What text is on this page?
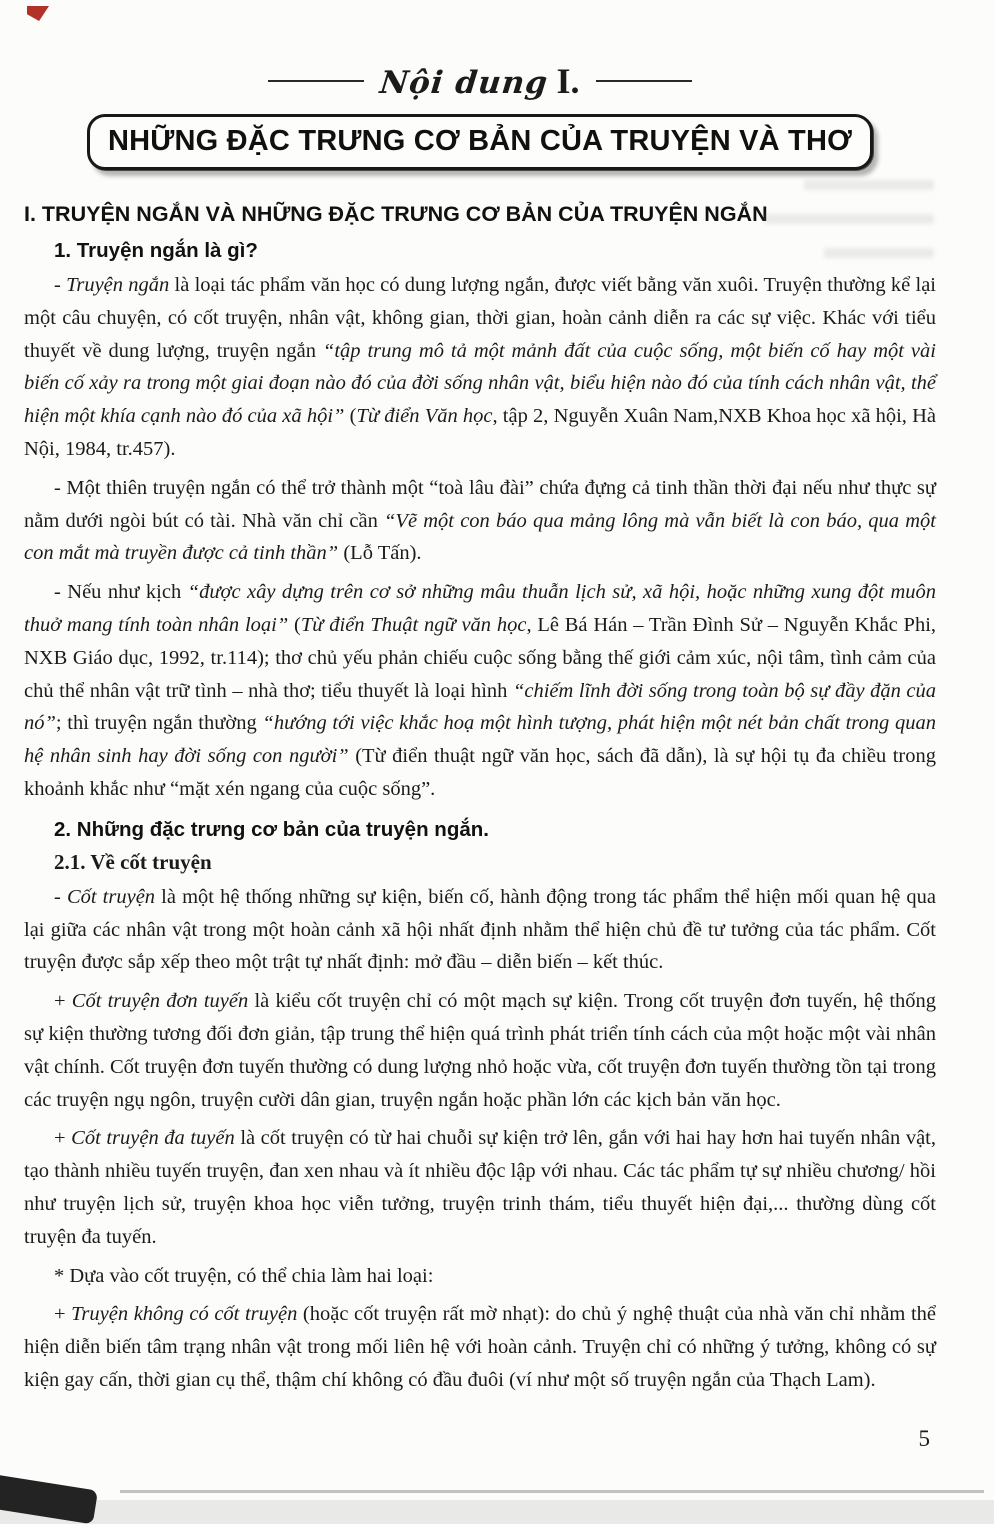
Nội dung I.
NHỮNG ĐẶC TRƯNG CƠ BẢN CỦA TRUYỆN VÀ THƠ
I. TRUYỆN NGẮN VÀ NHỮNG ĐẶC TRƯNG CƠ BẢN CỦA TRUYỆN NGẮN
1. Truyện ngắn là gì?

- Truyện ngắn là loại tác phẩm văn học có dung lượng ngắn, được viết bằng văn xuôi. Truyện thường kể lại một câu chuyện, có cốt truyện, nhân vật, không gian, thời gian, hoàn cảnh diễn ra các sự việc. Khác với tiểu thuyết về dung lượng, truyện ngắn “tập trung mô tả một mảnh đất của cuộc sống, một biến cố hay một vài biến cố xảy ra trong một giai đoạn nào đó của đời sống nhân vật, biểu hiện nào đó của tính cách nhân vật, thể hiện một khía cạnh nào đó của xã hội” (Từ điển Văn học, tập 2, Nguyễn Xuân Nam,NXB Khoa học xã hội, Hà Nội, 1984, tr.457).

- Một thiên truyện ngắn có thể trở thành một “toà lâu đài” chứa đựng cả tinh thần thời đại nếu như thực sự nằm dưới ngòi bút có tài. Nhà văn chỉ cần “Vẽ một con báo qua mảng lông mà vẫn biết là con báo, qua một con mắt mà truyền được cả tinh thần” (Lỗ Tấn).

- Nếu như kịch “được xây dựng trên cơ sở những mâu thuẫn lịch sử, xã hội, hoặc những xung đột muôn thuở mang tính toàn nhân loại” (Từ điển Thuật ngữ văn học, Lê Bá Hán – Trần Đình Sử – Nguyễn Khắc Phi, NXB Giáo dục, 1992, tr.114); thơ chủ yếu phản chiếu cuộc sống bằng thế giới cảm xúc, nội tâm, tình cảm của chủ thể nhân vật trữ tình – nhà thơ; tiểu thuyết là loại hình “chiếm lĩnh đời sống trong toàn bộ sự đầy đặn của nó”; thì truyện ngắn thường “hướng tới việc khắc hoạ một hình tượng, phát hiện một nét bản chất trong quan hệ nhân sinh hay đời sống con người” (Từ điển thuật ngữ văn học, sách đã dẫn), là sự hội tụ đa chiều trong khoảnh khắc như “mặt xén ngang của cuộc sống”.

2. Những đặc trưng cơ bản của truyện ngắn.
2.1. Về cốt truyện

- Cốt truyện là một hệ thống những sự kiện, biến cố, hành động trong tác phẩm thể hiện mối quan hệ qua lại giữa các nhân vật trong một hoàn cảnh xã hội nhất định nhằm thể hiện chủ đề tư tưởng của tác phẩm. Cốt truyện được sắp xếp theo một trật tự nhất định: mở đầu – diễn biến – kết thúc.

+ Cốt truyện đơn tuyến là kiểu cốt truyện chỉ có một mạch sự kiện. Trong cốt truyện đơn tuyến, hệ thống sự kiện thường tương đối đơn giản, tập trung thể hiện quá trình phát triển tính cách của một hoặc một vài nhân vật chính. Cốt truyện đơn tuyến thường có dung lượng nhỏ hoặc vừa, cốt truyện đơn tuyến thường tồn tại trong các truyện ngụ ngôn, truyện cười dân gian, truyện ngắn hoặc phần lớn các kịch bản văn học.

+ Cốt truyện đa tuyến là cốt truyện có từ hai chuỗi sự kiện trở lên, gắn với hai hay hơn hai tuyến nhân vật, tạo thành nhiều tuyến truyện, đan xen nhau và ít nhiều độc lập với nhau. Các tác phẩm tự sự nhiều chương/ hồi như truyện lịch sử, truyện khoa học viễn tưởng, truyện trinh thám, tiểu thuyết hiện đại,... thường dùng cốt truyện đa tuyến.

* Dựa vào cốt truyện, có thể chia làm hai loại:

+ Truyện không có cốt truyện (hoặc cốt truyện rất mờ nhạt): do chủ ý nghệ thuật của nhà văn chỉ nhằm thể hiện diễn biến tâm trạng nhân vật trong mối liên hệ với hoàn cảnh. Truyện chỉ có những ý tưởng, không có sự kiện gay cấn, thời gian cụ thể, thậm chí không có đầu đuôi (ví như một số truyện ngắn của Thạch Lam).

5
